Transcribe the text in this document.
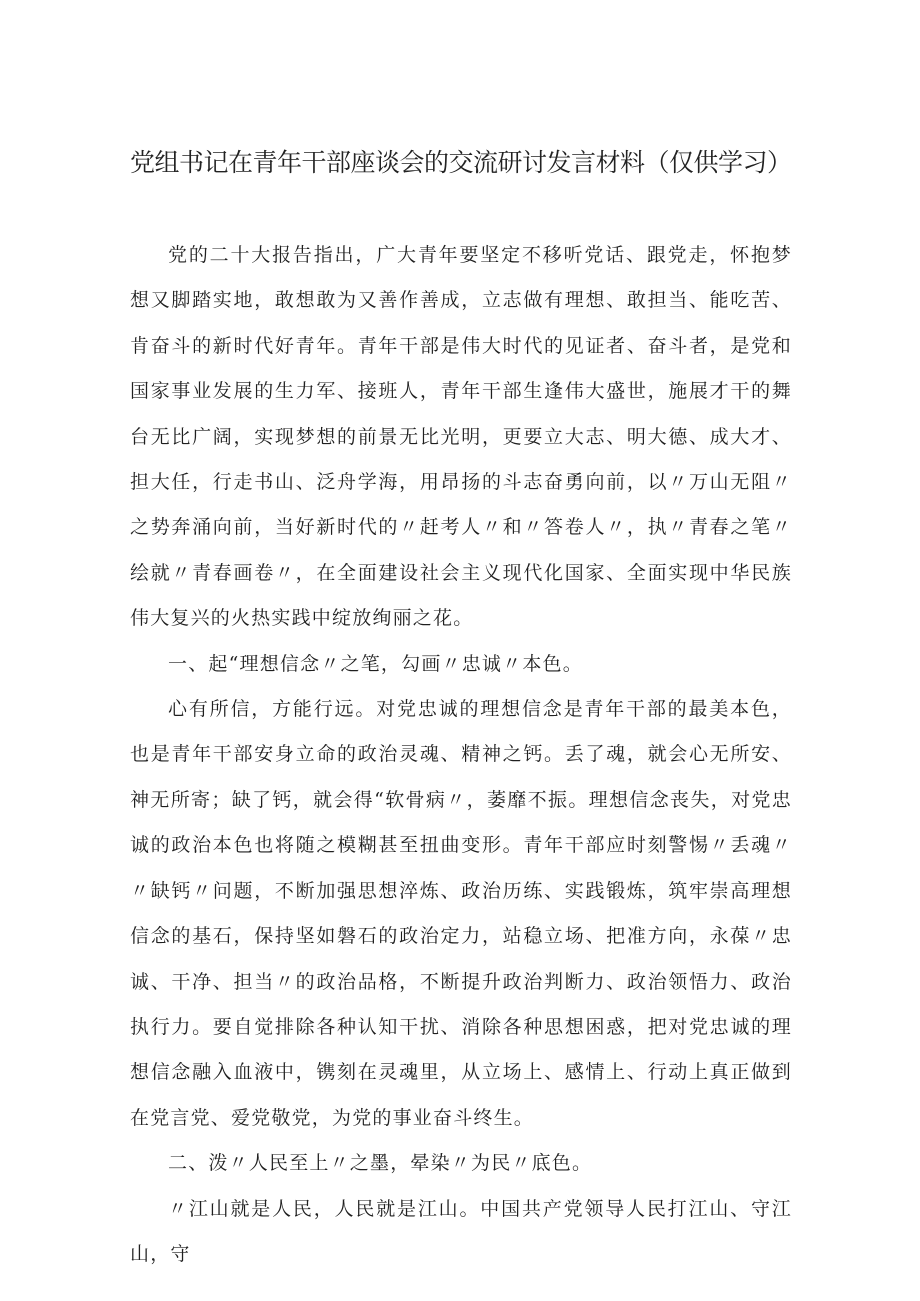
党组书记在青年干部座谈会的交流研讨发言材料（仅供学习）

党的二十大报告指出，广大青年要坚定不移听党话、跟党走，怀抱梦想又脚踏实地，敢想敢为又善作善成，立志做有理想、敢担当、能吃苦、肯奋斗的新时代好青年。青年干部是伟大时代的见证者、奋斗者，是党和国家事业发展的生力军、接班人，青年干部生逢伟大盛世，施展才干的舞台无比广阔，实现梦想的前景无比光明，更要立大志、明大德、成大才、担大任，行走书山、泛舟学海，用昂扬的斗志奋勇向前，以〃万山无阻〃之势奔涌向前，当好新时代的〃赶考人〃和〃答卷人〃，执〃青春之笔〃绘就〃青春画卷〃，在全面建设社会主义现代化国家、全面实现中华民族伟大复兴的火热实践中绽放绚丽之花。

一、起“理想信念〃之笔，勾画〃忠诚〃本色。

心有所信，方能行远。对党忠诚的理想信念是青年干部的最美本色，也是青年干部安身立命的政治灵魂、精神之钙。丢了魂，就会心无所安、神无所寄；缺了钙，就会得“软骨病〃，萎靡不振。理想信念丧失，对党忠诚的政治本色也将随之模糊甚至扭曲变形。青年干部应时刻警惕〃丢魂〃〃缺钙〃问题，不断加强思想淬炼、政治历练、实践锻炼，筑牢崇高理想信念的基石，保持坚如磐石的政治定力，站稳立场、把准方向，永葆〃忠诚、干净、担当〃的政治品格，不断提升政治判断力、政治领悟力、政治执行力。要自觉排除各种认知干扰、消除各种思想困惑，把对党忠诚的理想信念融入血液中，镌刻在灵魂里，从立场上、感情上、行动上真正做到在党言党、爱党敬党，为党的事业奋斗终生。

二、泼〃人民至上〃之墨，晕染〃为民〃底色。

〃江山就是人民，人民就是江山。中国共产党领导人民打江山、守江山，守
